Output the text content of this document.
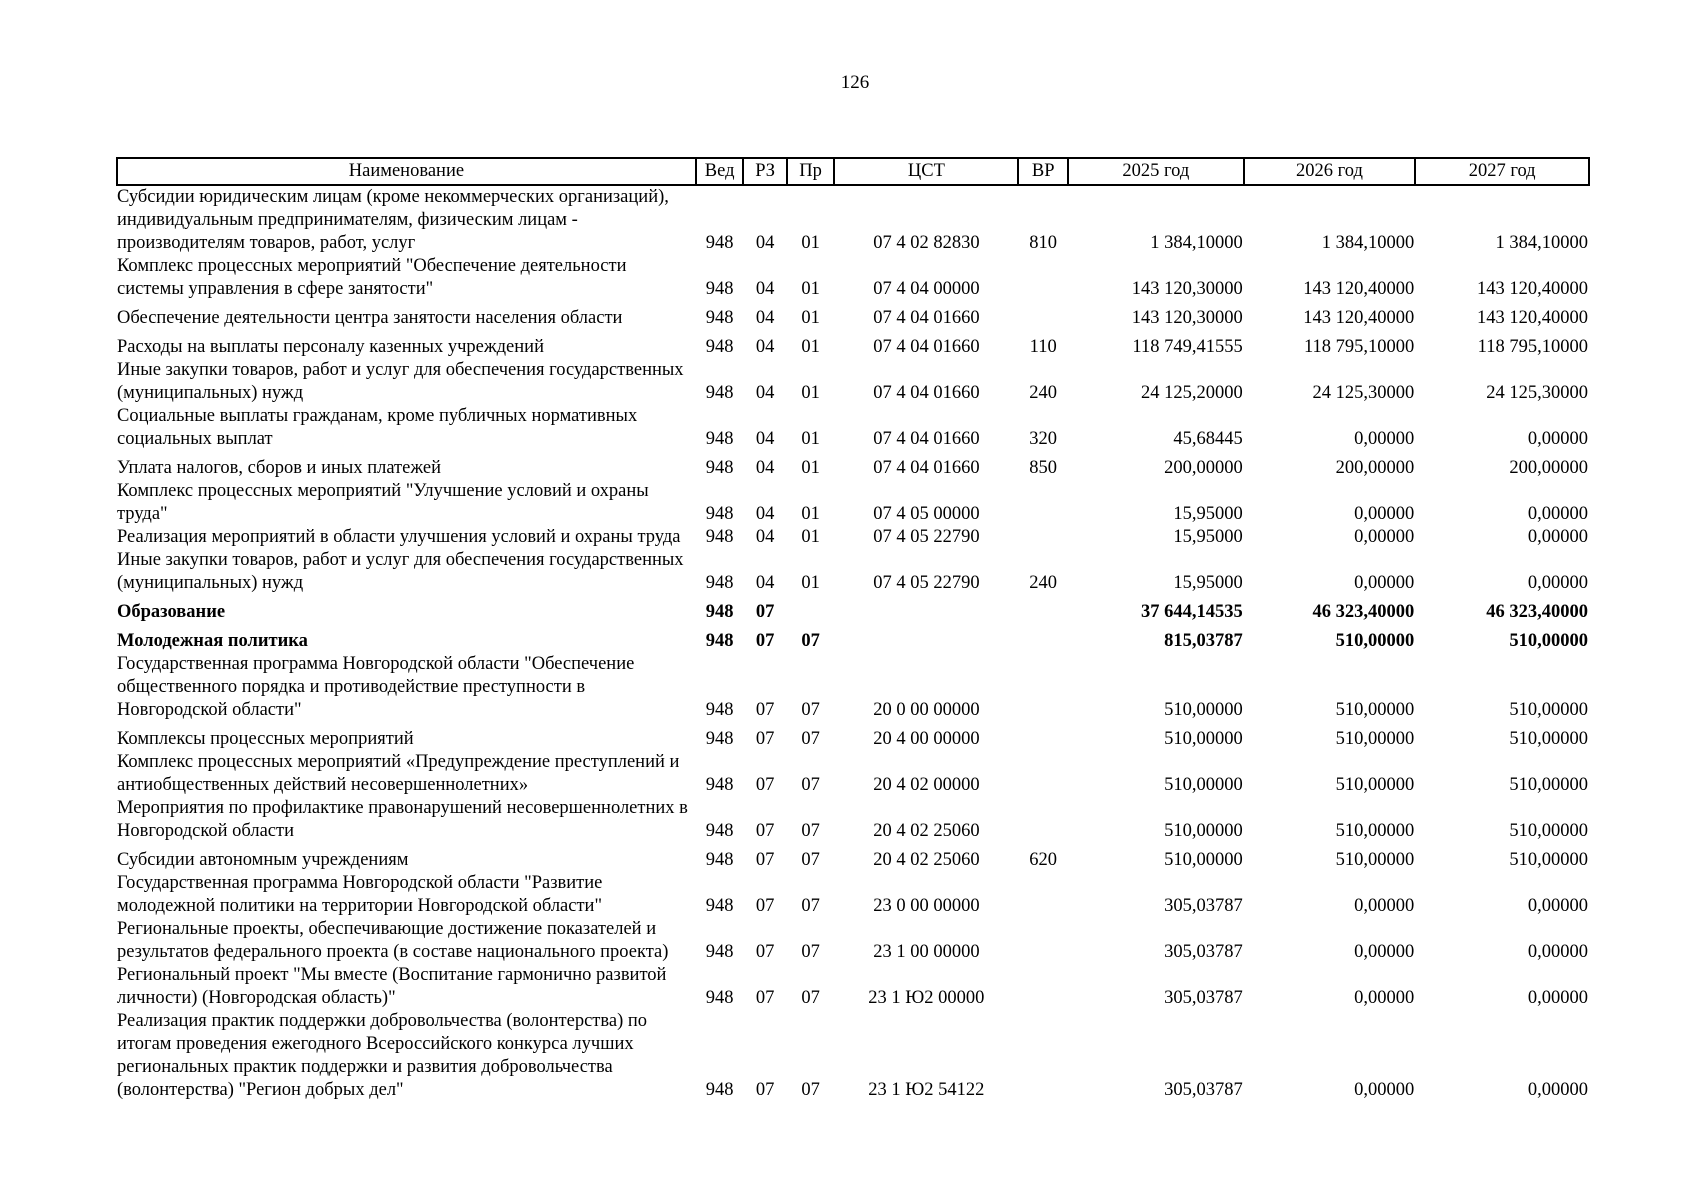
126
Наименование	Вед	РЗ	Пр	ЦСТ	ВР	2025 год	2026 год	2027 год
Субсидии юридическим лицам (кроме некоммерческих организаций), индивидуальным предпринимателям, физическим лицам - производителям товаров, работ, услуг	948	04	01	07 4 02 82830	810	1 384,10000	1 384,10000	1 384,10000
Комплекс процессных мероприятий "Обеспечение деятельности системы управления в сфере занятости"	948	04	01	07 4 04 00000		143 120,30000	143 120,40000	143 120,40000
Обеспечение деятельности центра занятости населения области	948	04	01	07 4 04 01660		143 120,30000	143 120,40000	143 120,40000
Расходы на выплаты персоналу казенных учреждений	948	04	01	07 4 04 01660	110	118 749,41555	118 795,10000	118 795,10000
Иные закупки товаров, работ и услуг для обеспечения государственных (муниципальных) нужд	948	04	01	07 4 04 01660	240	24 125,20000	24 125,30000	24 125,30000
Социальные выплаты гражданам, кроме публичных нормативных социальных выплат	948	04	01	07 4 04 01660	320	45,68445	0,00000	0,00000
Уплата налогов, сборов и иных платежей	948	04	01	07 4 04 01660	850	200,00000	200,00000	200,00000
Комплекс процессных мероприятий "Улучшение условий и охраны труда"	948	04	01	07 4 05 00000		15,95000	0,00000	0,00000
Реализация мероприятий в области улучшения условий и охраны труда	948	04	01	07 4 05 22790		15,95000	0,00000	0,00000
Иные закупки товаров, работ и услуг для обеспечения государственных (муниципальных) нужд	948	04	01	07 4 05 22790	240	15,95000	0,00000	0,00000
Образование	948	07				37 644,14535	46 323,40000	46 323,40000
Молодежная политика	948	07	07			815,03787	510,00000	510,00000
Государственная программа Новгородской области "Обеспечение общественного порядка и противодействие преступности в Новгородской области"	948	07	07	20 0 00 00000		510,00000	510,00000	510,00000
Комплексы процессных мероприятий	948	07	07	20 4 00 00000		510,00000	510,00000	510,00000
Комплекс процессных мероприятий «Предупреждение преступлений и антиобщественных действий несовершеннолетних»	948	07	07	20 4 02 00000		510,00000	510,00000	510,00000
Мероприятия по профилактике правонарушений несовершеннолетних в Новгородской области	948	07	07	20 4 02 25060		510,00000	510,00000	510,00000
Субсидии автономным учреждениям	948	07	07	20 4 02 25060	620	510,00000	510,00000	510,00000
Государственная программа Новгородской области "Развитие молодежной политики на территории Новгородской области"	948	07	07	23 0 00 00000		305,03787	0,00000	0,00000
Региональные проекты, обеспечивающие достижение показателей и результатов федерального проекта (в составе национального проекта)	948	07	07	23 1 00 00000		305,03787	0,00000	0,00000
Региональный проект "Мы вместе (Воспитание гармонично развитой личности) (Новгородская область)"	948	07	07	23 1 Ю2 00000		305,03787	0,00000	0,00000
Реализация практик поддержки добровольчества (волонтерства) по итогам проведения ежегодного Всероссийского конкурса лучших региональных практик поддержки и развития добровольчества (волонтерства) "Регион добрых дел"	948	07	07	23 1 Ю2 54122		305,03787	0,00000	0,00000
